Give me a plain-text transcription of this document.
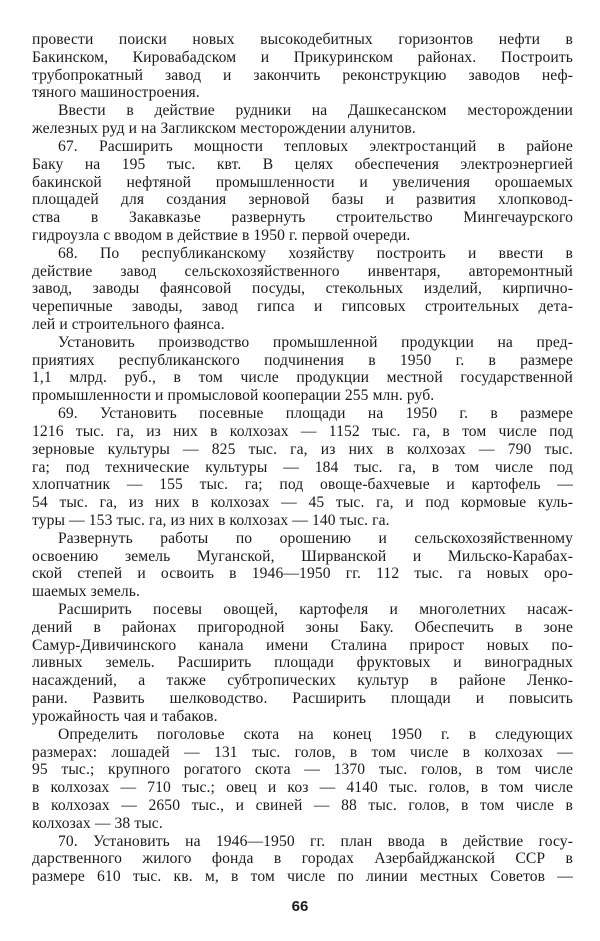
провести поиски новых высокодебитных горизонтов нефти в
Бакинском, Кировабадском и Прикуринском районах. Построить
трубопрокатный завод и закончить реконструкцию заводов неф-
тяного машиностроения.
Ввести в действие рудники на Дашкесанском месторождении
железных руд и на Загликском месторождении алунитов.
67. Расширить мощности тепловых электростанций в районе
Баку на 195 тыс. квт. В целях обеспечения электроэнергией
бакинской нефтяной промышленности и увеличения орошаемых
площадей для создания зерновой базы и развития хлопковод-
ства в Закавказье развернуть строительство Мингечаурского
гидроузла с вводом в действие в 1950 г. первой очереди.
68. По республиканскому хозяйству построить и ввести в
действие завод сельскохозяйственного инвентаря, авторемонтный
завод, заводы фаянсовой посуды, стекольных изделий, кирпично-
черепичные заводы, завод гипса и гипсовых строительных дета-
лей и строительного фаянса.
Установить производство промышленной продукции на пред-
приятиях республиканского подчинения в 1950 г. в размере
1,1 млрд. руб., в том числе продукции местной государственной
промышленности и промысловой кооперации 255 млн. руб.
69. Установить посевные площади на 1950 г. в размере
1216 тыс. га, из них в колхозах — 1152 тыс. га, в том числе под
зерновые культуры — 825 тыс. га, из них в колхозах — 790 тыс.
га; под технические культуры — 184 тыс. га, в том числе под
хлопчатник — 155 тыс. га; под овоще-бахчевые и картофель —
54 тыс. га, из них в колхозах — 45 тыс. га, и под кормовые куль-
туры — 153 тыс. га, из них в колхозах — 140 тыс. га.
Развернуть работы по орошению и сельскохозяйственному
освоению земель Муганской, Ширванской и Мильско-Карабах-
ской степей и освоить в 1946—1950 гг. 112 тыс. га новых оро-
шаемых земель.
Расширить посевы овощей, картофеля и многолетних насаж-
дений в районах пригородной зоны Баку. Обеспечить в зоне
Самур-Дивичинского канала имени Сталина прирост новых по-
ливных земель. Расширить площади фруктовых и виноградных
насаждений, а также субтропических культур в районе Ленко-
рани. Развить шелководство. Расширить площади и повысить
урожайность чая и табаков.
Определить поголовье скота на конец 1950 г. в следующих
размерах: лошадей — 131 тыс. голов, в том числе в колхозах —
95 тыс.; крупного рогатого скота — 1370 тыс. голов, в том числе
в колхозах — 710 тыс.; овец и коз — 4140 тыс. голов, в том числе
в колхозах — 2650 тыс., и свиней — 88 тыс. голов, в том числе в
колхозах — 38 тыс.
70. Установить на 1946—1950 гг. план ввода в действие госу-
дарственного жилого фонда в городах Азербайджанской ССР в
размере 610 тыс. кв. м, в том числе по линии местных Советов —
66
